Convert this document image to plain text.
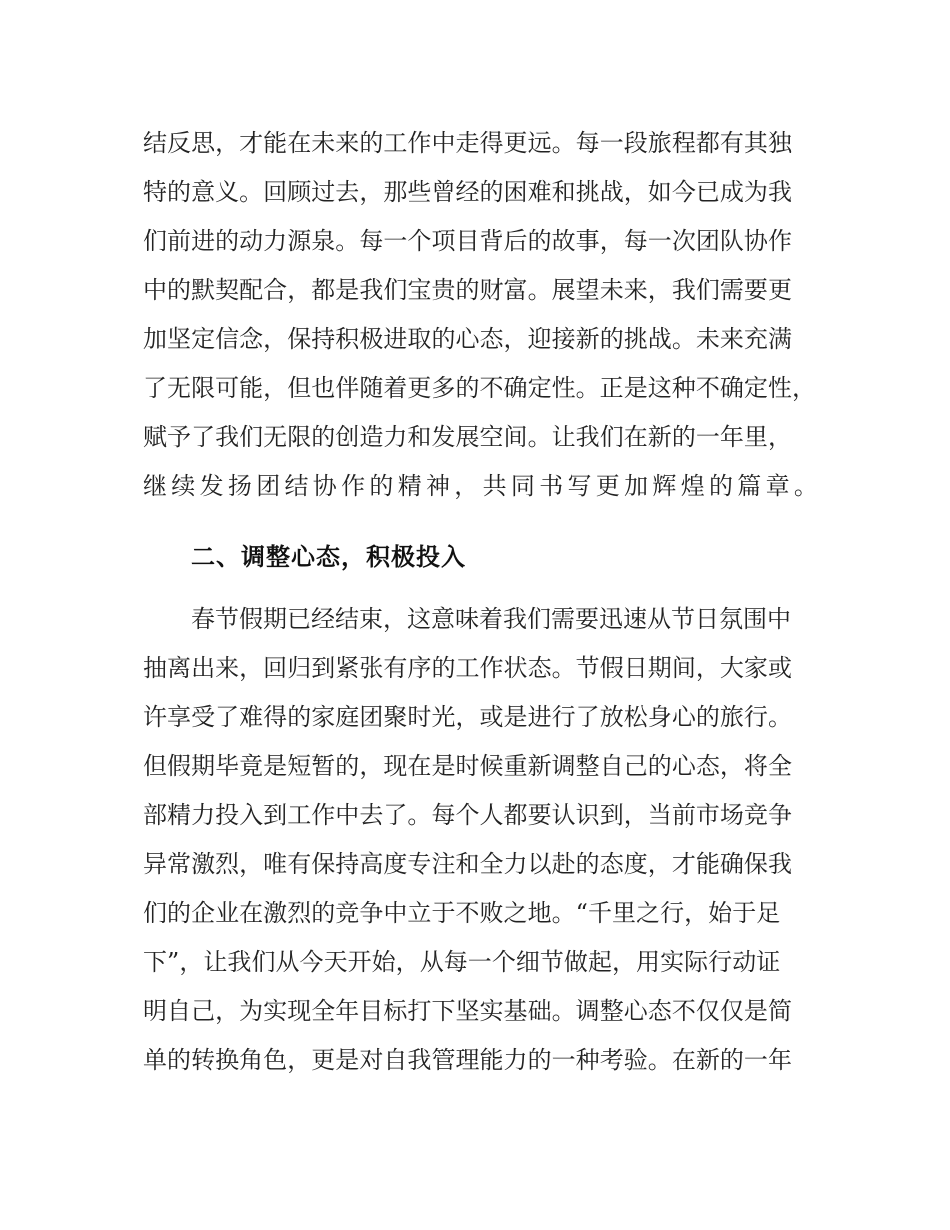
结反思，才能在未来的工作中走得更远。每一段旅程都有其独
特的意义。回顾过去，那些曾经的困难和挑战，如今已成为我
们前进的动力源泉。每一个项目背后的故事，每一次团队协作
中的默契配合，都是我们宝贵的财富。展望未来，我们需要更
加坚定信念，保持积极进取的心态，迎接新的挑战。未来充满
了无限可能，但也伴随着更多的不确定性。正是这种不确定性，
赋予了我们无限的创造力和发展空间。让我们在新的一年里，
继续发扬团结协作的精神，共同书写更加辉煌的篇章。
二、调整心态，积极投入
春节假期已经结束，这意味着我们需要迅速从节日氛围中
抽离出来，回归到紧张有序的工作状态。节假日期间，大家或
许享受了难得的家庭团聚时光，或是进行了放松身心的旅行。
但假期毕竟是短暂的，现在是时候重新调整自己的心态，将全
部精力投入到工作中去了。每个人都要认识到，当前市场竞争
异常激烈，唯有保持高度专注和全力以赴的态度，才能确保我
们的企业在激烈的竞争中立于不败之地。“千里之行，始于足
下”，让我们从今天开始，从每一个细节做起，用实际行动证
明自己，为实现全年目标打下坚实基础。调整心态不仅仅是简
单的转换角色，更是对自我管理能力的一种考验。在新的一年
